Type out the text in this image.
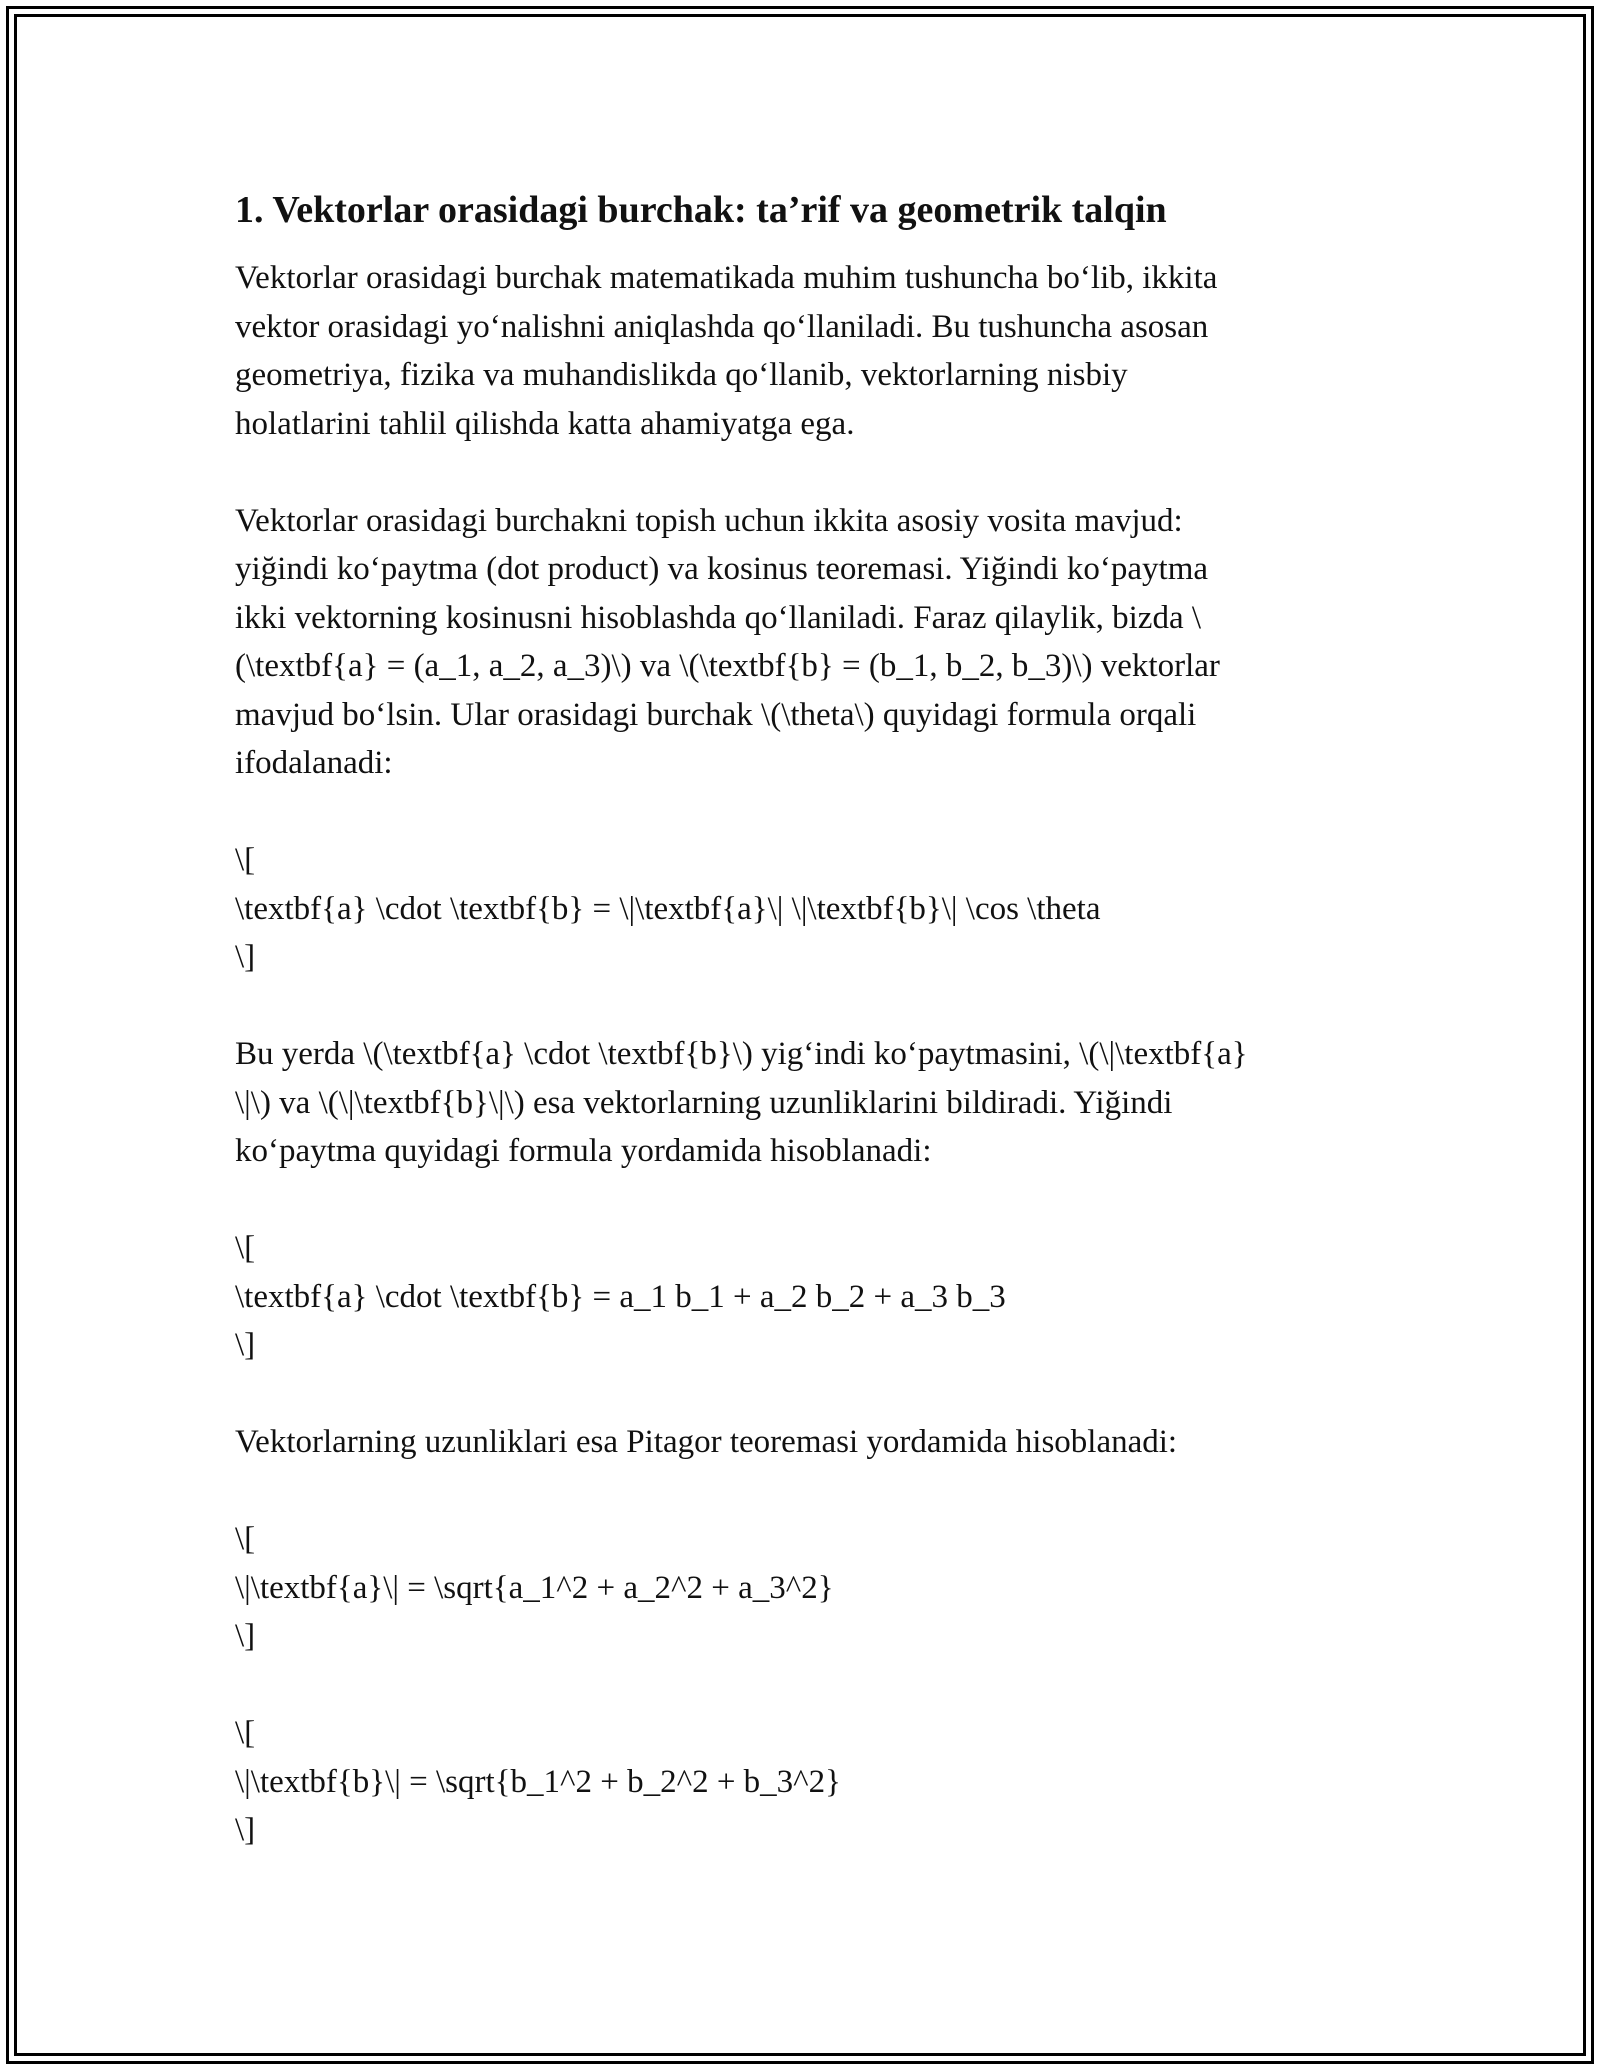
1. Vektorlar orasidagi burchak: ta’rif va geometrik talqin
Vektorlar orasidagi burchak matematikada muhim tushuncha bo‘lib, ikkita
vektor orasidagi yo‘nalishni aniqlashda qo‘llaniladi. Bu tushuncha asosan
geometriya, fizika va muhandislikda qo‘llanib, vektorlarning nisbiy
holatlarini tahlil qilishda katta ahamiyatga ega.
Vektorlar orasidagi burchakni topish uchun ikkita asosiy vosita mavjud:
yiğindi ko‘paytma (dot product) va kosinus teoremasi. Yiğindi ko‘paytma
ikki vektorning kosinusni hisoblashda qo‘llaniladi. Faraz qilaylik, bizda \
(\textbf{a} = (a_1, a_2, a_3)\) va \(\textbf{b} = (b_1, b_2, b_3)\) vektorlar
mavjud bo‘lsin. Ular orasidagi burchak \(\theta\) quyidagi formula orqali
ifodalanadi:
\[
\textbf{a} \cdot \textbf{b} = \|\textbf{a}\| \|\textbf{b}\| \cos \theta
\]
Bu yerda \(\textbf{a} \cdot \textbf{b}\) yig‘indi ko‘paytmasini, \(\|\textbf{a}
\|\) va \(\|\textbf{b}\|\) esa vektorlarning uzunliklarini bildiradi. Yiğindi
ko‘paytma quyidagi formula yordamida hisoblanadi:
\[
\textbf{a} \cdot \textbf{b} = a_1 b_1 + a_2 b_2 + a_3 b_3
\]
Vektorlarning uzunliklari esa Pitagor teoremasi yordamida hisoblanadi:
\[
\|\textbf{a}\| = \sqrt{a_1^2 + a_2^2 + a_3^2}
\]
\[
\|\textbf{b}\| = \sqrt{b_1^2 + b_2^2 + b_3^2}
\]
